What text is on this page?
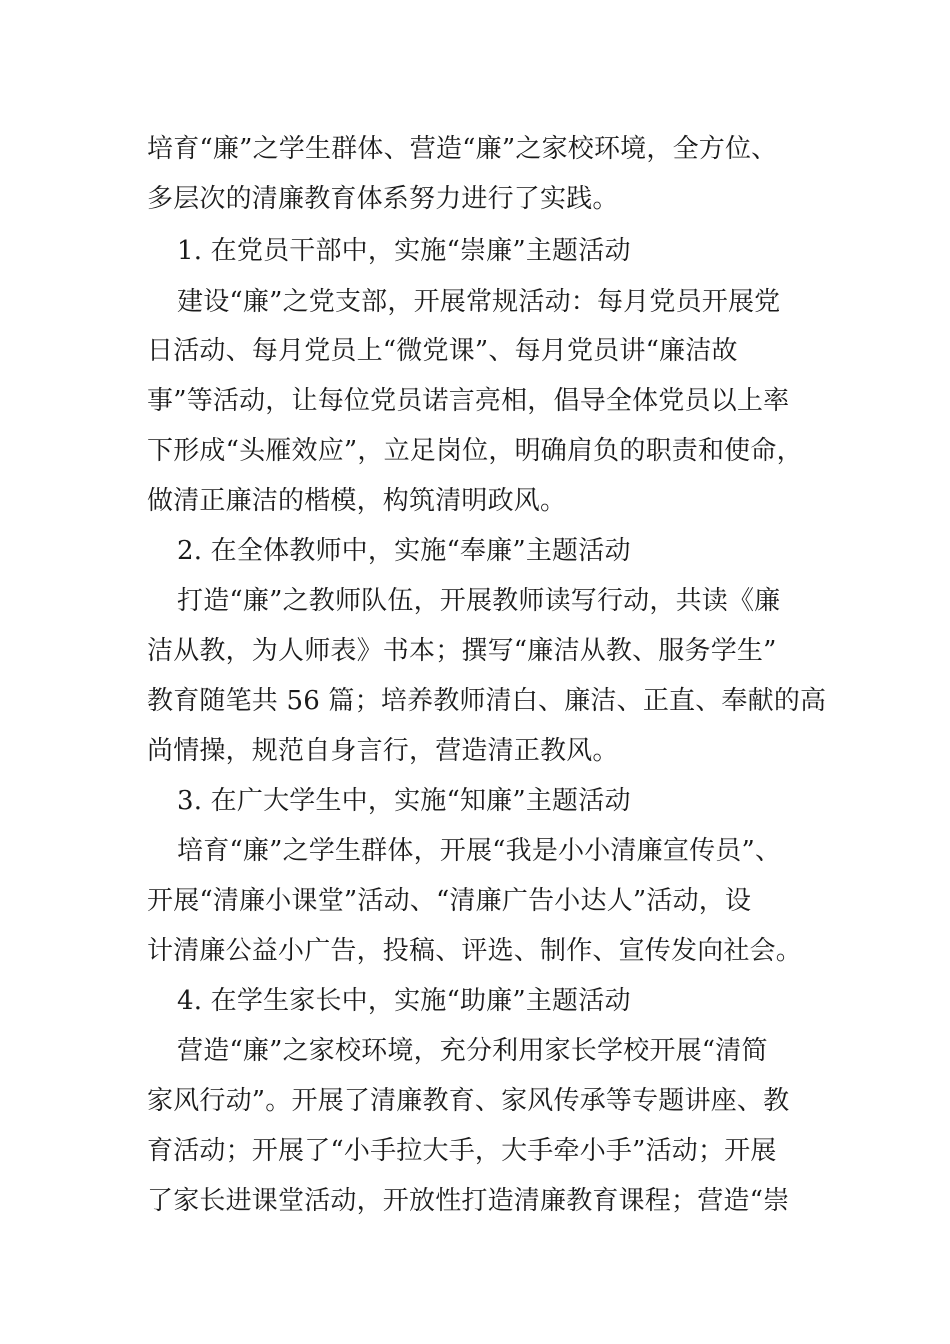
培育“廉”之学生群体、营造“廉”之家校环境，全方位、
多层次的清廉教育体系努力进行了实践。
1. 在党员干部中，实施“崇廉”主题活动
建设“廉”之党支部，开展常规活动：每月党员开展党
日活动、每月党员上“微党课”、每月党员讲“廉洁故
事”等活动，让每位党员诺言亮相，倡导全体党员以上率
下形成“头雁效应”，立足岗位，明确肩负的职责和使命，
做清正廉洁的楷模，构筑清明政风。
2. 在全体教师中，实施“奉廉”主题活动
打造“廉”之教师队伍，开展教师读写行动，共读《廉
洁从教，为人师表》书本；撰写“廉洁从教、服务学生”
教育随笔共 56 篇；培养教师清白、廉洁、正直、奉献的高
尚情操，规范自身言行，营造清正教风。
3. 在广大学生中，实施“知廉”主题活动
培育“廉”之学生群体，开展“我是小小清廉宣传员”、
开展“清廉小课堂”活动、“清廉广告小达人”活动，设
计清廉公益小广告，投稿、评选、制作、宣传发向社会。
4. 在学生家长中，实施“助廉”主题活动
营造“廉”之家校环境，充分利用家长学校开展“清简
家风行动”。开展了清廉教育、家风传承等专题讲座、教
育活动；开展了“小手拉大手，大手牵小手”活动；开展
了家长进课堂活动，开放性打造清廉教育课程；营造“崇
